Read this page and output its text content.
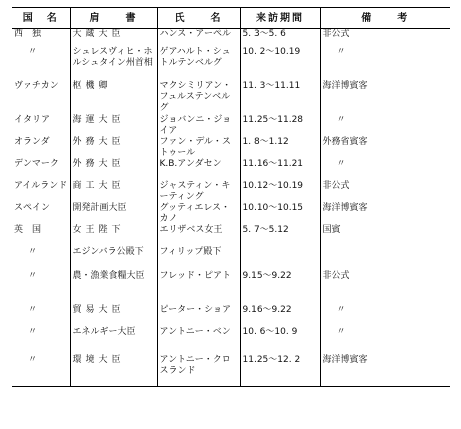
国　名	肩　　書	氏　　名	来訪期間	備　　考
西　独	大蔵大臣	ハンス・アーペル	5. 3〜5. 6	非公式
〃	シュレスヴィヒ・ホルシュタイン州首相	ゲアハルト・シュトルテンベルグ	10. 2〜10.19	〃
ヴァチカン	枢機卿	マクシミリアン・フュルステンベルグ	11. 3〜11.11	海洋博賓客
イタリア	海運大臣	ジョバンニ・ジョイア	11.25〜11.28	〃
オランダ	外務大臣	ファン・デル・ストゥール	1. 8〜1.12	外務省賓客
デンマーク	外務大臣	K.B.アンダセン	11.16〜11.21	〃
アイルランド	商工大臣	ジャスティン・キーティング	10.12〜10.19	非公式
スペイン	開発計画大臣	グッティエレス・カノ	10.10〜10.15	海洋博賓客
英　国	女王陛下	エリザベス女王	5. 7〜5.12	国賓
〃	エジンバラ公殿下	フィリップ殿下		
〃	農・漁業食糧大臣	フレッド・ピアト	9.15〜9.22	非公式
〃	貿易大臣	ピーター・ショア	9.16〜9.22	〃
〃	エネルギー大臣	アントニー・ベン	10. 6〜10. 9	〃
〃	環境大臣	アントニー・クロスランド	11.25〜12. 2	海洋博賓客
